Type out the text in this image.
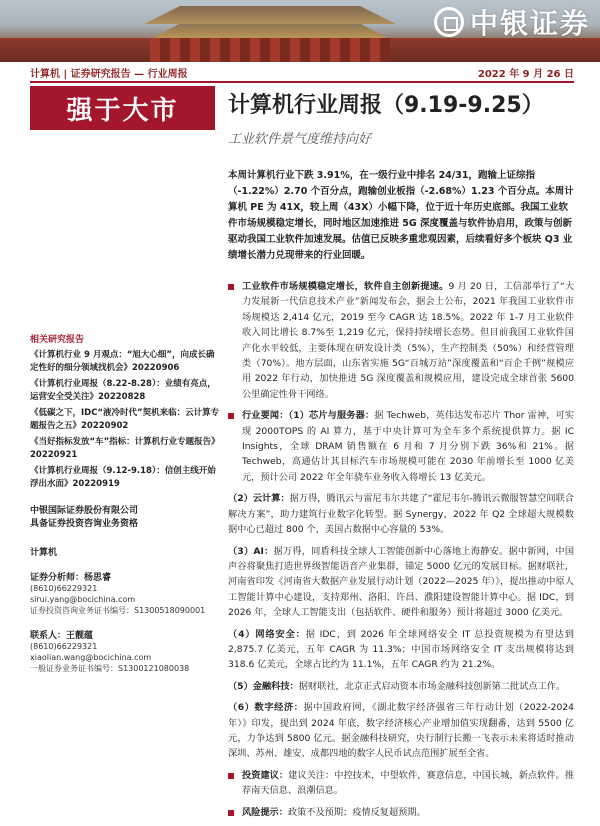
中银证券
计算机 | 证券研究报告 — 行业周报	2022 年 9 月 26 日
强于大市	计算机行业周报（9.19-9.25）
工业软件景气度维持向好
本周计算机行业下跌 3.91%，在一级行业中排名 24/31，跑输上证综指（-1.22%）2.70 个百分点，跑输创业板指（-2.68%）1.23 个百分点。本周计算机 PE 为 41X，较上周（43X）小幅下降，位于近十年历史底部。我国工业软件市场规模稳定增长，同时地区加速推进 5G 深度覆盖与软件协启用，政策与创新驱动我国工业软件加速发展。估值已反映多重悲观因素，后续看好多个板块 Q3 业绩增长潜力兑现带来的行业回暖。

工业软件市场规模稳定增长，软件自主创新提速。9 月 20 日，工信部举行了“大力发展新一代信息技术产业”新闻发布会，据会上公布，2021 年我国工业软件市场规模达 2,414 亿元，2019 至今 CAGR 达 18.5%。2022 年 1-7 月工业软件收入同比增长 8.7%至 1,219 亿元，保持持续增长态势。但目前我国工业软件国产化水平较低，主要体现在研发设计类（5%），生产控制类（50%）和经营管理类（70%）。地方层面，山东省实施 5G“百城万站”深度覆盖和“百企千例”规模应用 2022 年行动，加快推进 5G 深度覆盖和规模应用，建设完成全球首张 5600 公里确定性骨干网络。

行业要闻：（1）芯片与服务器：据 Techweb，英伟达发布芯片 Thor 雷神，可实现 2000TOPS 的 AI 算力，基于中央计算可为全车多个系统提供算力。据 IC Insights，全球 DRAM 销售额在 6 月和 7 月分别下跌 36%和 21%。据 Techweb，高通估计其目标汽车市场规模可能在 2030 年前增长至 1000 亿美元，预计公司 2022 年全年骁车业务收入将增长 13 亿美元。

（2）云计算：据万得，腾讯云与雷尼韦尔共建了“霍尼韦尔-腾讯云微服智慧空间联合解决方案”，助力建筑行业数字化转型。据 Synergy，2022 年 Q2 全球超大规模数据中心已超过 800 个，美国占数据中心容量的 53%。

（3）AI：据万得，同盾科技全球人工智能创新中心落地上海静安。据中新网，中国声谷将聚焦打造世界级智能语音产业集群，锚定 5000 亿元的发展目标。据财联社，河南省印发《河南省大数据产业发展行动计划（2022—2025 年）》，提出推动中原人工智能计算中心建设，支持郑州、洛阳、许昌、濮阳建设智能计算中心。据 IDC，到 2026 年，全球人工智能支出（包括软件、硬件和服务）预计将超过 3000 亿美元。

（4）网络安全：据 IDC，到 2026 年全球网络安全 IT 总投资规模为有望达到 2,875.7 亿美元，五年 CAGR 为 11.3%；中国市场网络安全 IT 支出规模将达到 318.6 亿美元，全球占比约为 11.1%，五年 CAGR 约为 21.2%。

（5）金融科技：据财联社，北京正式启动资本市场金融科技创新第二批试点工作。

（6）数字经济：据中国政府网，《湖北数字经济强省三年行动计划（2022-2024 年）》印发，提出到 2024 年底，数字经济核心产业增加值实现翻番，达到 5500 亿元，力争达到 5800 亿元。据金融科技研究，央行制行长搬一飞表示未来将适时推动深圳、苏州、雄安、成都四地的数字人民币试点范围扩展至全省。

投资建议：建议关注：中控技术，中望软件，赛意信息，中国长城，新点软件。推荐南天信息、浪潮信息。

风险提示：政策不及预期；疫情反复超预期。

相关研究报告
《计算机行业 9 月观点：“旭大心细”，向成长确定性好的细分领域找机会》20220906
《计算机行业周报（8.22-8.28）：业绩有亮点，运营安全受关注》20220828
《低碳之下，IDC“液冷时代”契机来临：云计算专题报告之五》20220902
《当好指标发放“车”指标：计算机行业专题报告》20220921
《计算机行业周报（9.12-9.18）：信创主线开始浮出水面》20220919
中银国际证券股份有限公司
具备证券投资咨询业务资格
计算机
证券分析师：杨思睿
(8610)66229321
sirui.yang@bocichina.com
证券投资咨询业务证书编号：S1300518090001
联系人：王靓蕴
(8610)66229321
xiaolian.wang@bocichina.com
一般证券业务证书编号：S1300121080038
